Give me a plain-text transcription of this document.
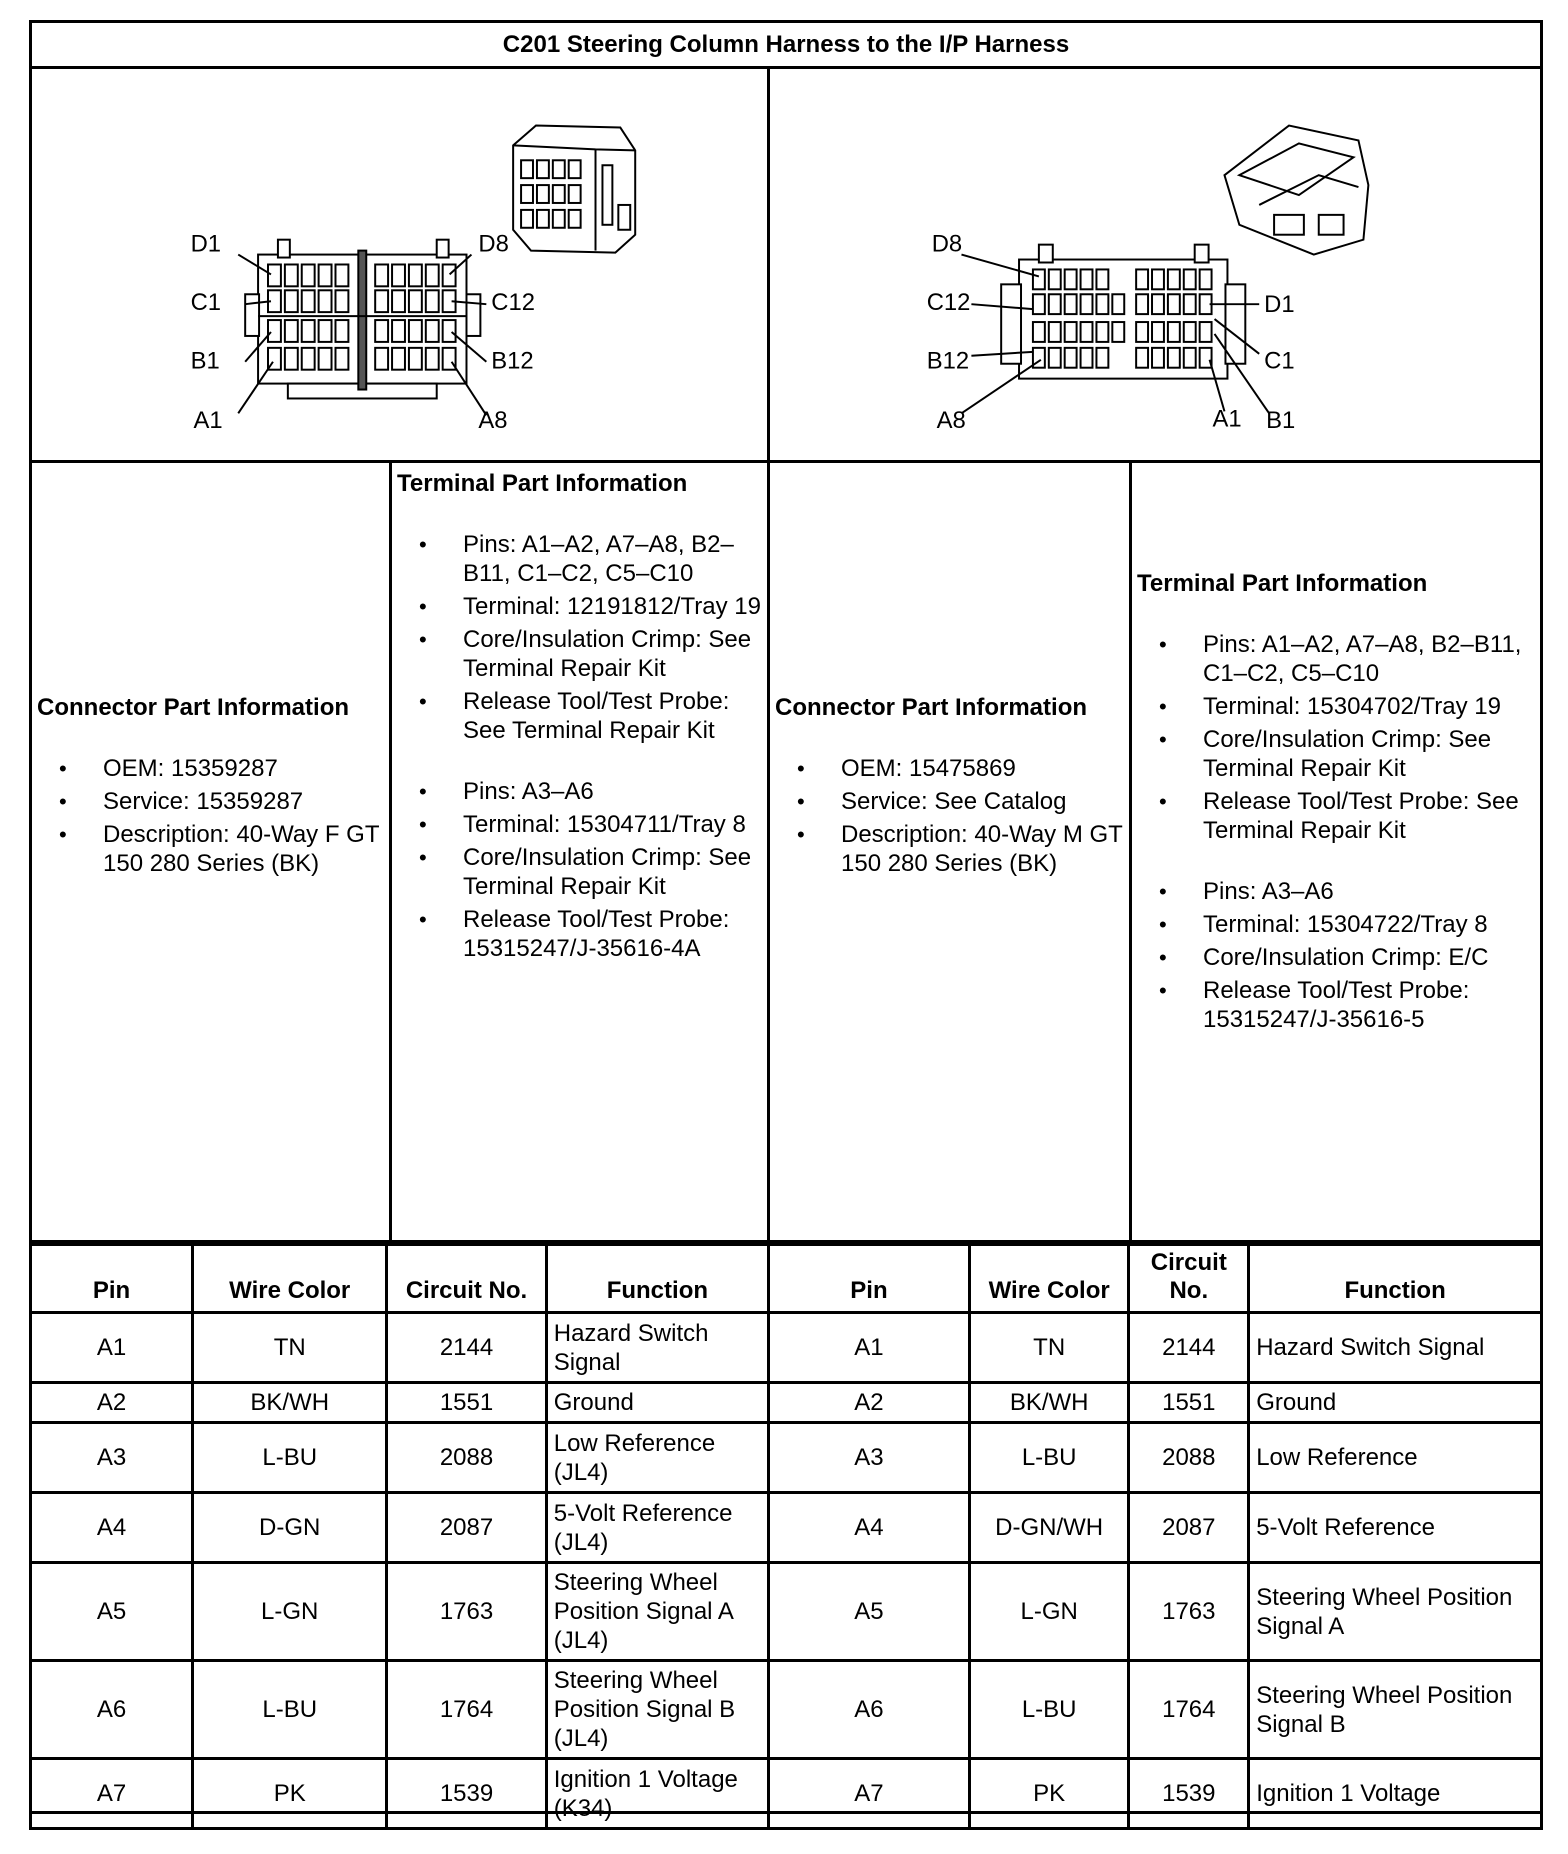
C201 Steering Column Harness to the I/P Harness
D1	D8
C1	C12
B1	B12
A1	A8
D8
D1
C12
C1
B12
A8	A1 B1
Connector Part Information
• OEM: 15359287
• Service: 15359287
• Description: 40-Way F GT 150 280 Series (BK)
Terminal Part Information
• Pins: A1–A2, A7–A8, B2–B11, C1–C2, C5–C10
• Terminal: 12191812/Tray 19
• Core/Insulation Crimp: See Terminal Repair Kit
• Release Tool/Test Probe: See Terminal Repair Kit
• Pins: A3–A6
• Terminal: 15304711/Tray 8
• Core/Insulation Crimp: See Terminal Repair Kit
• Release Tool/Test Probe: 15315247/J-35616-4A
Connector Part Information
• OEM: 15475869
• Service: See Catalog
• Description: 40-Way M GT 150 280 Series (BK)
Terminal Part Information
• Pins: A1–A2, A7–A8, B2–B11, C1–C2, C5–C10
• Terminal: 15304702/Tray 19
• Core/Insulation Crimp: See Terminal Repair Kit
• Release Tool/Test Probe: See Terminal Repair Kit
• Pins: A3–A6
• Terminal: 15304722/Tray 8
• Core/Insulation Crimp: E/C
• Release Tool/Test Probe: 15315247/J-35616-5
Pin	Wire Color	Circuit No.	Function
A1	TN	2144	Hazard Switch Signal
A2	BK/WH	1551	Ground
A3	L-BU	2088	Low Reference (JL4)
A4	D-GN	2087	5-Volt Reference (JL4)
A5	L-GN	1763	Steering Wheel Position Signal A (JL4)
A6	L-BU	1764	Steering Wheel Position Signal B (JL4)
A7	PK	1539	Ignition 1 Voltage (K34)
Pin	Wire Color	Circuit No.	Function
A1	TN	2144	Hazard Switch Signal
A2	BK/WH	1551	Ground
A3	L-BU	2088	Low Reference
A4	D-GN/WH	2087	5-Volt Reference
A5	L-GN	1763	Steering Wheel Position Signal A
A6	L-BU	1764	Steering Wheel Position Signal B
A7	PK	1539	Ignition 1 Voltage
